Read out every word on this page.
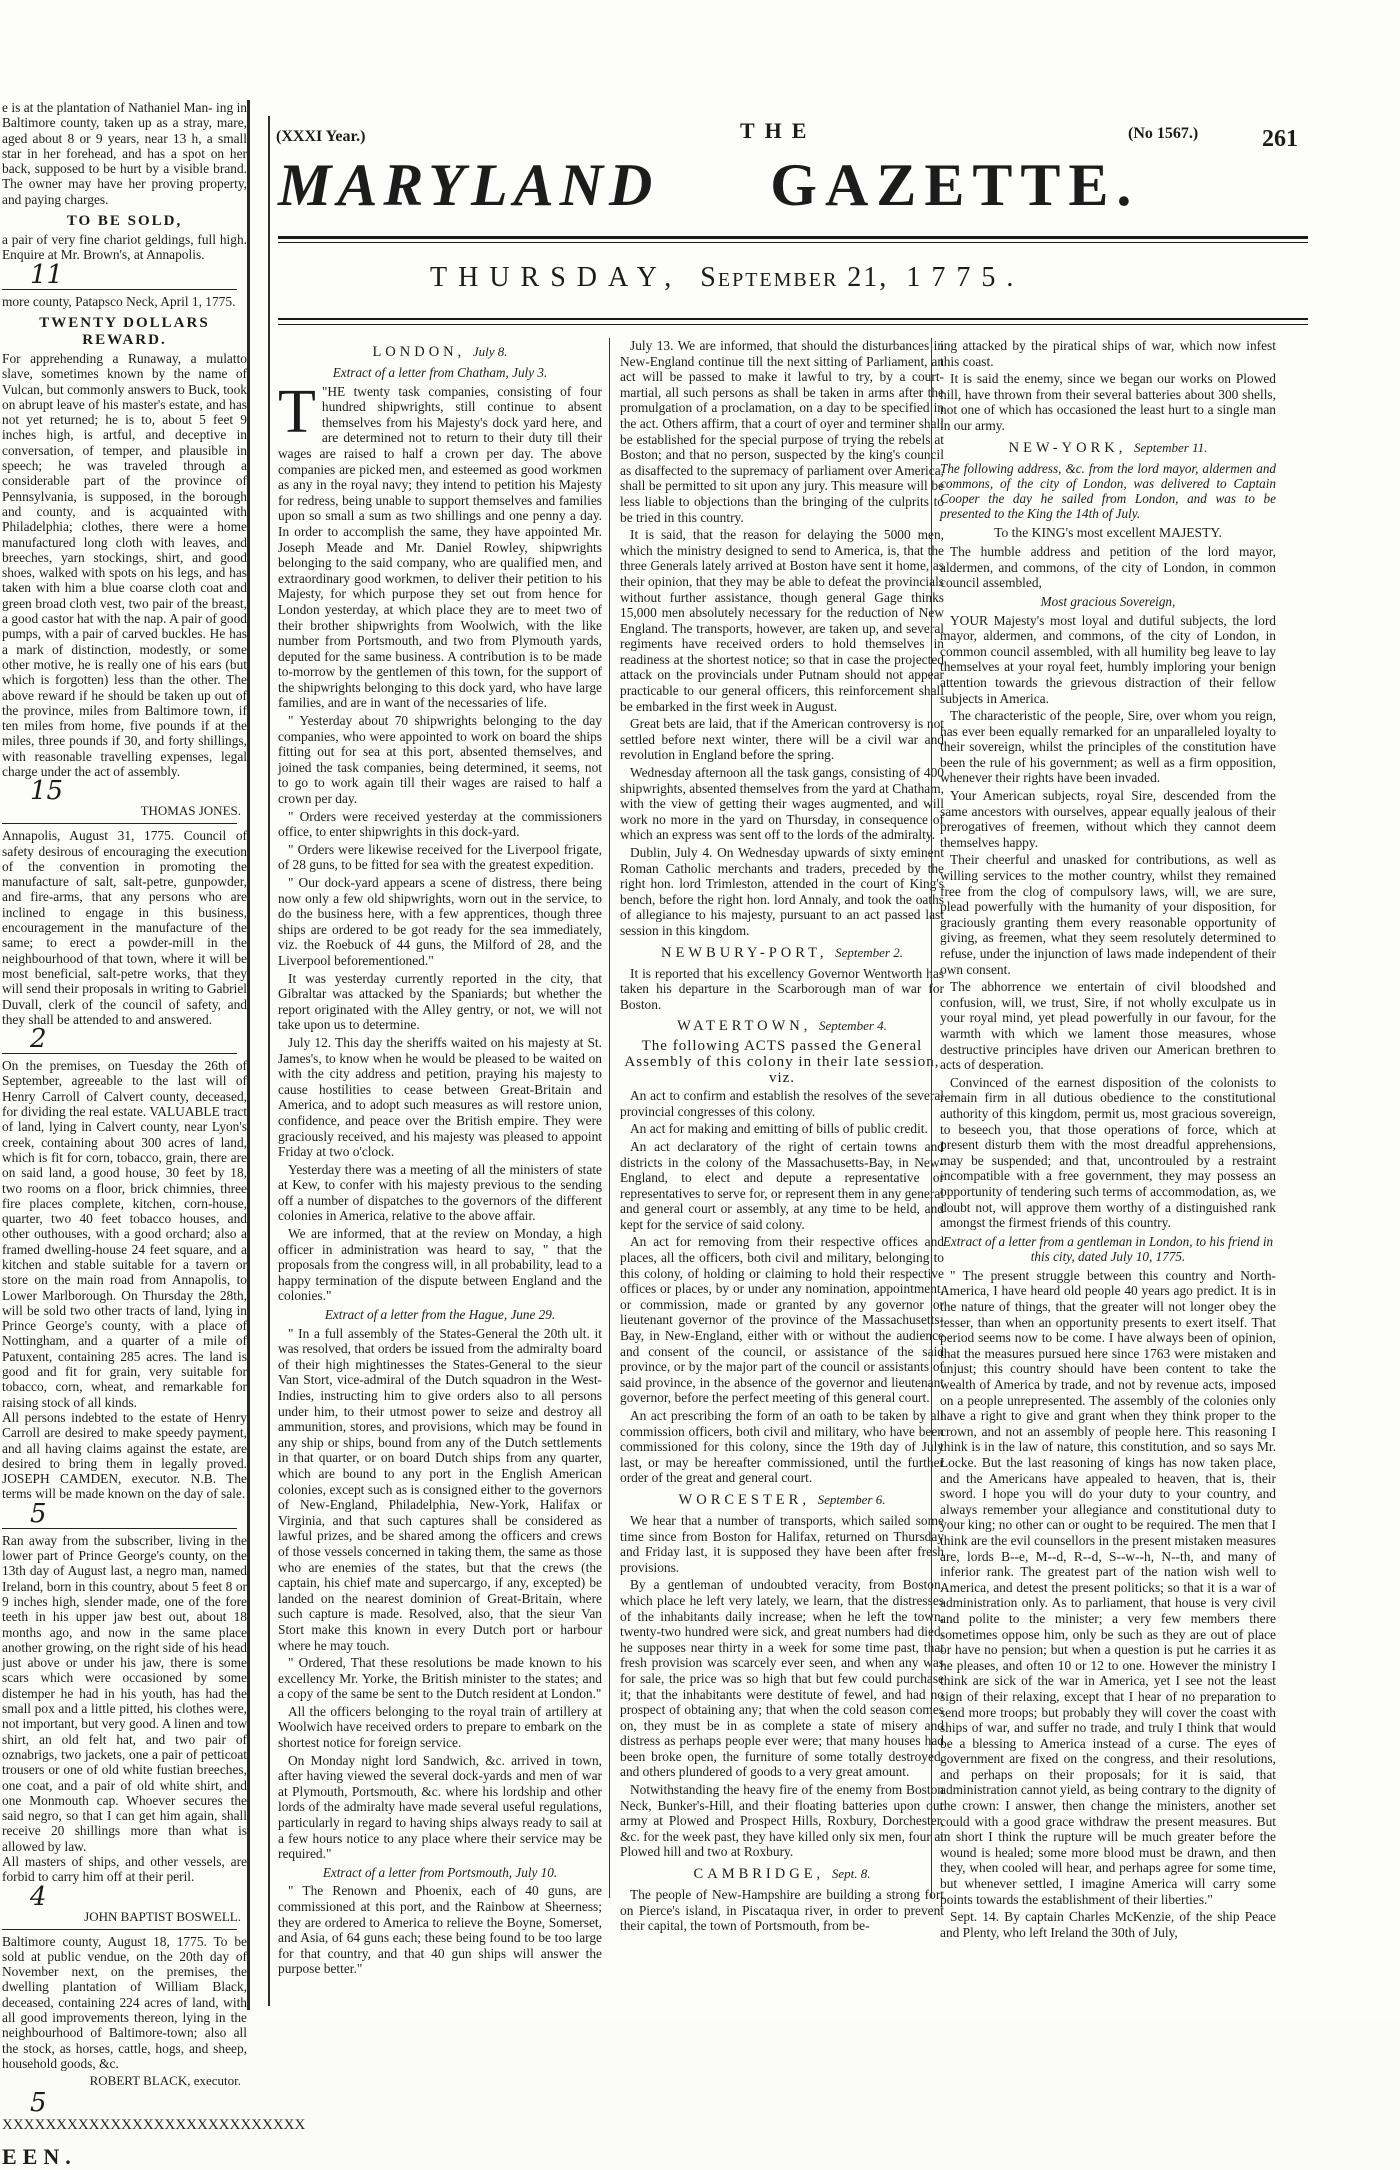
e is at the plantation of Nathaniel Man- ing in Baltimore county, taken up as a stray, mare, aged about 8 or 9 years, near 13 h, a small star in her forehead, and has a spot on her back, supposed to be hurt by a visible brand. The owner may have her proving property, and paying charges.

TO BE SOLD,

a pair of very fine chariot geldings, full high. Enquire at Mr. Brown's, at Annapolis.

11

more county, Patapsco Neck, April 1, 1775.

TWENTY DOLLARS REWARD.

For apprehending a Runaway, a mulatto slave, sometimes known by the name of Vulcan, but commonly answers to Buck, took on abrupt leave of his master's estate, and has not yet returned; he is to, about 5 feet 9 inches high, is artful, and deceptive in conversation, of temper, and plausible in speech; he was traveled through a considerable part of the province of Pennsylvania, is supposed, in the borough and county, and is acquainted with Philadelphia; clothes, there were a home manufactured long cloth with leaves, and breeches, yarn stockings, shirt, and good shoes, walked with spots on his legs, and has taken with him a blue coarse cloth coat and green broad cloth vest, two pair of the breast, a good castor hat with the nap. A pair of good pumps, with a pair of carved buckles. He has a mark of distinction, modestly, or some other motive, he is really one of his ears (but which is forgotten) less than the other. The above reward if he should be taken up out of the province, miles from Baltimore town, if ten miles from home, five pounds if at the miles, three pounds if 30, and forty shillings, with reasonable travelling expenses, legal charge under the act of assembly.

15
THOMAS JONES.

Annapolis, August 31, 1775. Council of safety desirous of encouraging the execution of the convention in promoting the manufacture of salt, salt-petre, gunpowder, and fire-arms, that any persons who are inclined to engage in this business, encouragement in the manufacture of the same; to erect a powder-mill in the neighbourhood of that town, where it will be most beneficial, salt-petre works, that they will send their proposals in writing to Gabriel Duvall, clerk of the council of safety, and they shall be attended to and answered.

2

On the premises, on Tuesday the 26th of September, agreeable to the last will of Henry Carroll of Calvert county, deceased, for dividing the real estate. VALUABLE tract of land, lying in Calvert county, near Lyon's creek, containing about 300 acres of land, which is fit for corn, tobacco, grain, there are on said land, a good house, 30 feet by 18, two rooms on a floor, brick chimnies, three fire places complete, kitchen, corn-house, quarter, two 40 feet tobacco houses, and other outhouses, with a good orchard; also a framed dwelling-house 24 feet square, and a kitchen and stable suitable for a tavern or store on the main road from Annapolis, to Lower Marlborough. On Thursday the 28th, will be sold two other tracts of land, lying in Prince George's county, with a place of Nottingham, and a quarter of a mile of Patuxent, containing 285 acres. The land is good and fit for grain, very suitable for tobacco, corn, wheat, and remarkable for raising stock of all kinds.

All persons indebted to the estate of Henry Carroll are desired to make speedy payment, and all having claims against the estate, are desired to bring them in legally proved. JOSEPH CAMDEN, executor. N.B. The terms will be made known on the day of sale.

5

Ran away from the subscriber, living in the lower part of Prince George's county, on the 13th day of August last, a negro man, named Ireland, born in this country, about 5 feet 8 or 9 inches high, slender made, one of the fore teeth in his upper jaw best out, about 18 months ago, and now in the same place another growing, on the right side of his head just above or under his jaw, there is some scars which were occasioned by some distemper he had in his youth, has had the small pox and a little pitted, his clothes were, not important, but very good. A linen and tow shirt, an old felt hat, and two pair of oznabrigs, two jackets, one a pair of petticoat trousers or one of old white fustian breeches, one coat, and a pair of old white shirt, and one Monmouth cap. Whoever secures the said negro, so that I can get him again, shall receive 20 shillings more than what is allowed by law.

All masters of ships, and other vessels, are forbid to carry him off at their peril.

4
JOHN BAPTIST BOSWELL.

Baltimore county, August 18, 1775. To be sold at public vendue, on the 20th day of November next, on the premises, the dwelling plantation of William Black, deceased, containing 224 acres of land, with all good improvements thereon, lying in the neighbourhood of Baltimore-town; also all the stock, as horses, cattle, hogs, and sheep, household goods, &c.

ROBERT BLACK, executor.
5
XXXXXXXXXXXXXXXXXXXXXXXXXXXX
EEN.
(XXXI Year.)	THE	(No 1567.)	261
MARYLAND GAZETTE.
THURSDAY, September 21, 1775.
LONDON, July 8.

Extract of a letter from Chatham, July 3.

T "HE twenty task companies, consisting of four hundred shipwrights, still continue to absent themselves from his Majesty's dock yard here, and are determined not to return to their duty till their wages are raised to half a crown per day. The above companies are picked men, and esteemed as good workmen as any in the royal navy; they intend to petition his Majesty for redress, being unable to support themselves and families upon so small a sum as two shillings and one penny a day. In order to accomplish the same, they have appointed Mr. Joseph Meade and Mr. Daniel Rowley, shipwrights belonging to the said company, who are qualified men, and extraordinary good workmen, to deliver their petition to his Majesty, for which purpose they set out from hence for London yesterday, at which place they are to meet two of their brother shipwrights from Woolwich, with the like number from Portsmouth, and two from Plymouth yards, deputed for the same business. A contribution is to be made to-morrow by the gentlemen of this town, for the support of the shipwrights belonging to this dock yard, who have large families, and are in want of the necessaries of life.

" Yesterday about 70 shipwrights belonging to the day companies, who were appointed to work on board the ships fitting out for sea at this port, absented themselves, and joined the task companies, being determined, it seems, not to go to work again till their wages are raised to half a crown per day.

" Orders were received yesterday at the commissioners office, to enter shipwrights in this dock-yard.

" Orders were likewise received for the Liverpool frigate, of 28 guns, to be fitted for sea with the greatest expedition.

" Our dock-yard appears a scene of distress, there being now only a few old shipwrights, worn out in the service, to do the business here, with a few apprentices, though three ships are ordered to be got ready for the sea immediately, viz. the Roebuck of 44 guns, the Milford of 28, and the Liverpool beforementioned."

It was yesterday currently reported in the city, that Gibraltar was attacked by the Spaniards; but whether the report originated with the Alley gentry, or not, we will not take upon us to determine.

July 12. This day the sheriffs waited on his majesty at St. James's, to know when he would be pleased to be waited on with the city address and petition, praying his majesty to cause hostilities to cease between Great-Britain and America, and to adopt such measures as will restore union, confidence, and peace over the British empire. They were graciously received, and his majesty was pleased to appoint Friday at two o'clock.

Yesterday there was a meeting of all the ministers of state at Kew, to confer with his majesty previous to the sending off a number of dispatches to the governors of the different colonies in America, relative to the above affair.

We are informed, that at the review on Monday, a high officer in administration was heard to say, " that the proposals from the congress will, in all probability, lead to a happy termination of the dispute between England and the colonies."

Extract of a letter from the Hague, June 29.

" In a full assembly of the States-General the 20th ult. it was resolved, that orders be issued from the admiralty board of their high mightinesses the States-General to the sieur Van Stort, vice-admiral of the Dutch squadron in the West-Indies, instructing him to give orders also to all persons under him, to their utmost power to seize and destroy all ammunition, stores, and provisions, which may be found in any ship or ships, bound from any of the Dutch settlements in that quarter, or on board Dutch ships from any quarter, which are bound to any port in the English American colonies, except such as is consigned either to the governors of New-England, Philadelphia, New-York, Halifax or Virginia, and that such captures shall be considered as lawful prizes, and be shared among the officers and crews of those vessels concerned in taking them, the same as those who are enemies of the states, but that the crews (the captain, his chief mate and supercargo, if any, excepted) be landed on the nearest dominion of Great-Britain, where such capture is made. Resolved, also, that the sieur Van Stort make this known in every Dutch port or harbour where he may touch.

" Ordered, That these resolutions be made known to his excellency Mr. Yorke, the British minister to the states; and a copy of the same be sent to the Dutch resident at London."

All the officers belonging to the royal train of artillery at Woolwich have received orders to prepare to embark on the shortest notice for foreign service.

On Monday night lord Sandwich, &c. arrived in town, after having viewed the several dock-yards and men of war at Plymouth, Portsmouth, &c. where his lordship and other lords of the admiralty have made several useful regulations, particularly in regard to having ships always ready to sail at a few hours notice to any place where their service may be required."

Extract of a letter from Portsmouth, July 10.

" The Renown and Phoenix, each of 40 guns, are commissioned at this port, and the Rainbow at Sheerness; they are ordered to America to relieve the Boyne, Somerset, and Asia, of 64 guns each; these being found to be too large for that country, and that 40 gun ships will answer the purpose better."

July 13. We are informed, that should the disturbances in New-England continue till the next sitting of Parliament, an act will be passed to make it lawful to try, by a court-martial, all such persons as shall be taken in arms after the promulgation of a proclamation, on a day to be specified in the act. Others affirm, that a court of oyer and terminer shall be established for the special purpose of trying the rebels at Boston; and that no person, suspected by the king's council as disaffected to the supremacy of parliament over America, shall be permitted to sit upon any jury. This measure will be less liable to objections than the bringing of the culprits to be tried in this country.

It is said, that the reason for delaying the 5000 men, which the ministry designed to send to America, is, that the three Generals lately arrived at Boston have sent it home, as their opinion, that they may be able to defeat the provincials without further assistance, though general Gage thinks 15,000 men absolutely necessary for the reduction of New England. The transports, however, are taken up, and several regiments have received orders to hold themselves in readiness at the shortest notice; so that in case the projected attack on the provincials under Putnam should not appear practicable to our general officers, this reinforcement shall be embarked in the first week in August.

Great bets are laid, that if the American controversy is not settled before next winter, there will be a civil war and revolution in England before the spring.

Wednesday afternoon all the task gangs, consisting of 400 shipwrights, absented themselves from the yard at Chatham, with the view of getting their wages augmented, and will work no more in the yard on Thursday, in consequence of which an express was sent off to the lords of the admiralty.

Dublin, July 4. On Wednesday upwards of sixty eminent Roman Catholic merchants and traders, preceded by the right hon. lord Trimleston, attended in the court of King's bench, before the right hon. lord Annaly, and took the oaths of allegiance to his majesty, pursuant to an act passed last session in this kingdom.

NEWBURY-PORT, September 2.

It is reported that his excellency Governor Wentworth has taken his departure in the Scarborough man of war for Boston.

WATERTOWN, September 4.

The following ACTS passed the General Assembly of this colony in their late session, viz.

An act to confirm and establish the resolves of the several provincial congresses of this colony.

An act for making and emitting of bills of public credit.

An act declaratory of the right of certain towns and districts in the colony of the Massachusetts-Bay, in New-England, to elect and depute a representative or representatives to serve for, or represent them in any general and general court or assembly, at any time to be held, and kept for the service of said colony.

An act for removing from their respective offices and places, all the officers, both civil and military, belonging to this colony, of holding or claiming to hold their respective offices or places, by or under any nomination, appointment, or commission, made or granted by any governor or lieutenant governor of the province of the Massachusetts-Bay, in New-England, either with or without the audience and consent of the council, or assistance of the said province, or by the major part of the council or assistants of said province, in the absence of the governor and lieutenant governor, before the perfect meeting of this general court.

An act prescribing the form of an oath to be taken by all commission officers, both civil and military, who have been commissioned for this colony, since the 19th day of July last, or may be hereafter commissioned, until the further order of the great and general court.

WORCESTER, September 6.

We hear that a number of transports, which sailed some time since from Boston for Halifax, returned on Thursday and Friday last, it is supposed they have been after fresh provisions.

By a gentleman of undoubted veracity, from Boston, which place he left very lately, we learn, that the distresses of the inhabitants daily increase; when he left the town, twenty-two hundred were sick, and great numbers had died, he supposes near thirty in a week for some time past, that fresh provision was scarcely ever seen, and when any was for sale, the price was so high that but few could purchase it; that the inhabitants were destitute of fewel, and had no prospect of obtaining any; that when the cold season comes on, they must be in as complete a state of misery and distress as perhaps people ever were; that many houses had been broke open, the furniture of some totally destroyed, and others plundered of goods to a very great amount.

Notwithstanding the heavy fire of the enemy from Boston Neck, Bunker's-Hill, and their floating batteries upon our army at Plowed and Prospect Hills, Roxbury, Dorchester, &c. for the week past, they have killed only six men, four at Plowed hill and two at Roxbury.

CAMBRIDGE, Sept. 8.

The people of New-Hampshire are building a strong fort on Pierce's island, in Piscataqua river, in order to prevent their capital, the town of Portsmouth, from be-

ing attacked by the piratical ships of war, which now infest this coast.

It is said the enemy, since we began our works on Plowed hill, have thrown from their several batteries about 300 shells, not one of which has occasioned the least hurt to a single man in our army.

NEW-YORK, September 11.

The following address, &c. from the lord mayor, aldermen and commons, of the city of London, was delivered to Captain Cooper the day he sailed from London, and was to be presented to the King the 14th of July.

To the KING's most excellent MAJESTY.

The humble address and petition of the lord mayor, aldermen, and commons, of the city of London, in common council assembled,

Most gracious Sovereign,

YOUR Majesty's most loyal and dutiful subjects, the lord mayor, aldermen, and commons, of the city of London, in common council assembled, with all humility beg leave to lay themselves at your royal feet, humbly imploring your benign attention towards the grievous distraction of their fellow subjects in America.

The characteristic of the people, Sire, over whom you reign, has ever been equally remarked for an unparalleled loyalty to their sovereign, whilst the principles of the constitution have been the rule of his government; as well as a firm opposition, whenever their rights have been invaded.

Your American subjects, royal Sire, descended from the same ancestors with ourselves, appear equally jealous of their prerogatives of freemen, without which they cannot deem themselves happy.

Their cheerful and unasked for contributions, as well as willing services to the mother country, whilst they remained free from the clog of compulsory laws, will, we are sure, plead powerfully with the humanity of your disposition, for graciously granting them every reasonable opportunity of giving, as freemen, what they seem resolutely determined to refuse, under the injunction of laws made independent of their own consent.

The abhorrence we entertain of civil bloodshed and confusion, will, we trust, Sire, if not wholly exculpate us in your royal mind, yet plead powerfully in our favour, for the warmth with which we lament those measures, whose destructive principles have driven our American brethren to acts of desperation.

Convinced of the earnest disposition of the colonists to remain firm in all dutious obedience to the constitutional authority of this kingdom, permit us, most gracious sovereign, to beseech you, that those operations of force, which at present disturb them with the most dreadful apprehensions, may be suspended; and that, uncontrouled by a restraint incompatible with a free government, they may possess an opportunity of tendering such terms of accommodation, as, we doubt not, will approve them worthy of a distinguished rank amongst the firmest friends of this country.

Extract of a letter from a gentleman in London, to his friend in this city, dated July 10, 1775.

" The present struggle between this country and North-America, I have heard old people 40 years ago predict. It is in the nature of things, that the greater will not longer obey the lesser, than when an opportunity presents to exert itself. That period seems now to be come. I have always been of opinion, that the measures pursued here since 1763 were mistaken and unjust; this country should have been content to take the wealth of America by trade, and not by revenue acts, imposed on a people unrepresented. The assembly of the colonies only have a right to give and grant when they think proper to the crown, and not an assembly of people here. This reasoning I think is in the law of nature, this constitution, and so says Mr. Locke. But the last reasoning of kings has now taken place, and the Americans have appealed to heaven, that is, their sword. I hope you will do your duty to your country, and always remember your allegiance and constitutional duty to your king; no other can or ought to be required. The men that I think are the evil counsellors in the present mistaken measures are, lords B--e, M--d, R--d, S--w--h, N--th, and many of inferior rank. The greatest part of the nation wish well to America, and detest the present politicks; so that it is a war of administration only. As to parliament, that house is very civil and polite to the minister; a very few members there sometimes oppose him, only be such as they are out of place or have no pension; but when a question is put he carries it as he pleases, and often 10 or 12 to one. However the ministry I think are sick of the war in America, yet I see not the least sign of their relaxing, except that I hear of no preparation to send more troops; but probably they will cover the coast with ships of war, and suffer no trade, and truly I think that would be a blessing to America instead of a curse. The eyes of government are fixed on the congress, and their resolutions, and perhaps on their proposals; for it is said, that administration cannot yield, as being contrary to the dignity of the crown: I answer, then change the ministers, another set could with a good grace withdraw the present measures. But in short I think the rupture will be much greater before the wound is healed; some more blood must be drawn, and then they, when cooled will hear, and perhaps agree for some time, but whenever settled, I imagine America will carry some points towards the establishment of their liberties."

Sept. 14. By captain Charles McKenzie, of the ship Peace and Plenty, who left Ireland the 30th of July,
